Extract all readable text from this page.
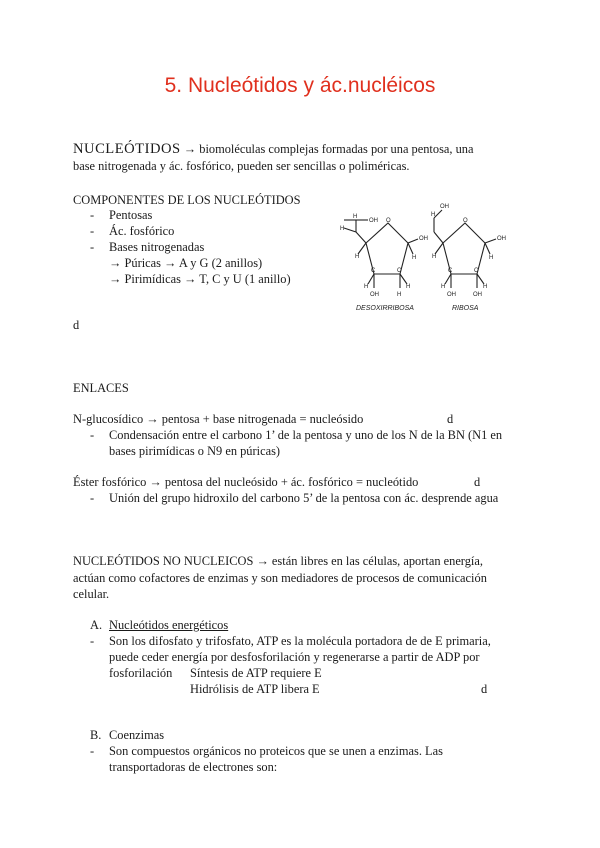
5. Nucleótidos y ác.nucléicos
NUCLEÓTIDOS → biomoléculas complejas formadas por una pentosa, una
base nitrogenada y ác. fosfórico, pueden ser sencillas o poliméricas.
COMPONENTES DE LOS NUCLEÓTIDOS
- Pentosas
- Ác. fosfórico
- Bases nitrogenadas
→ Púricas → A y G (2 anillos)
→ Pirimídicas → T, C y U (1 anillo)
O
H
H
OH
H
OH
H
C	C
H	H
OH	H
O
H
OH
H
OH
H
C	C
H	H
OH	OH
DESOXIRRIBOSA	RIBOSA
d
ENLACES
N-glucosídico → pentosa + base nitrogenada = nucleósido	d
- Condensación entre el carbono 1’ de la pentosa y uno de los N de la BN (N1 en
bases pirimídicas o N9 en púricas)
Éster fosfórico → pentosa del nucleósido + ác. fosfórico = nucleótido	d
- Unión del grupo hidroxilo del carbono 5’ de la pentosa con ác. desprende agua
NUCLEÓTIDOS NO NUCLEICOS → están libres en las células, aportan energía,
actúan como cofactores de enzimas y son mediadores de procesos de comunicación
celular.
A. Nucleótidos energéticos
- Son los difosfato y trifosfato, ATP es la molécula portadora de de E primaria,
puede ceder energía por desfosforilación y regenerarse a partir de ADP por
fosforilación Síntesis de ATP requiere E
Hidrólisis de ATP libera E	d
B. Coenzimas
- Son compuestos orgánicos no proteicos que se unen a enzimas. Las
transportadoras de electrones son:
